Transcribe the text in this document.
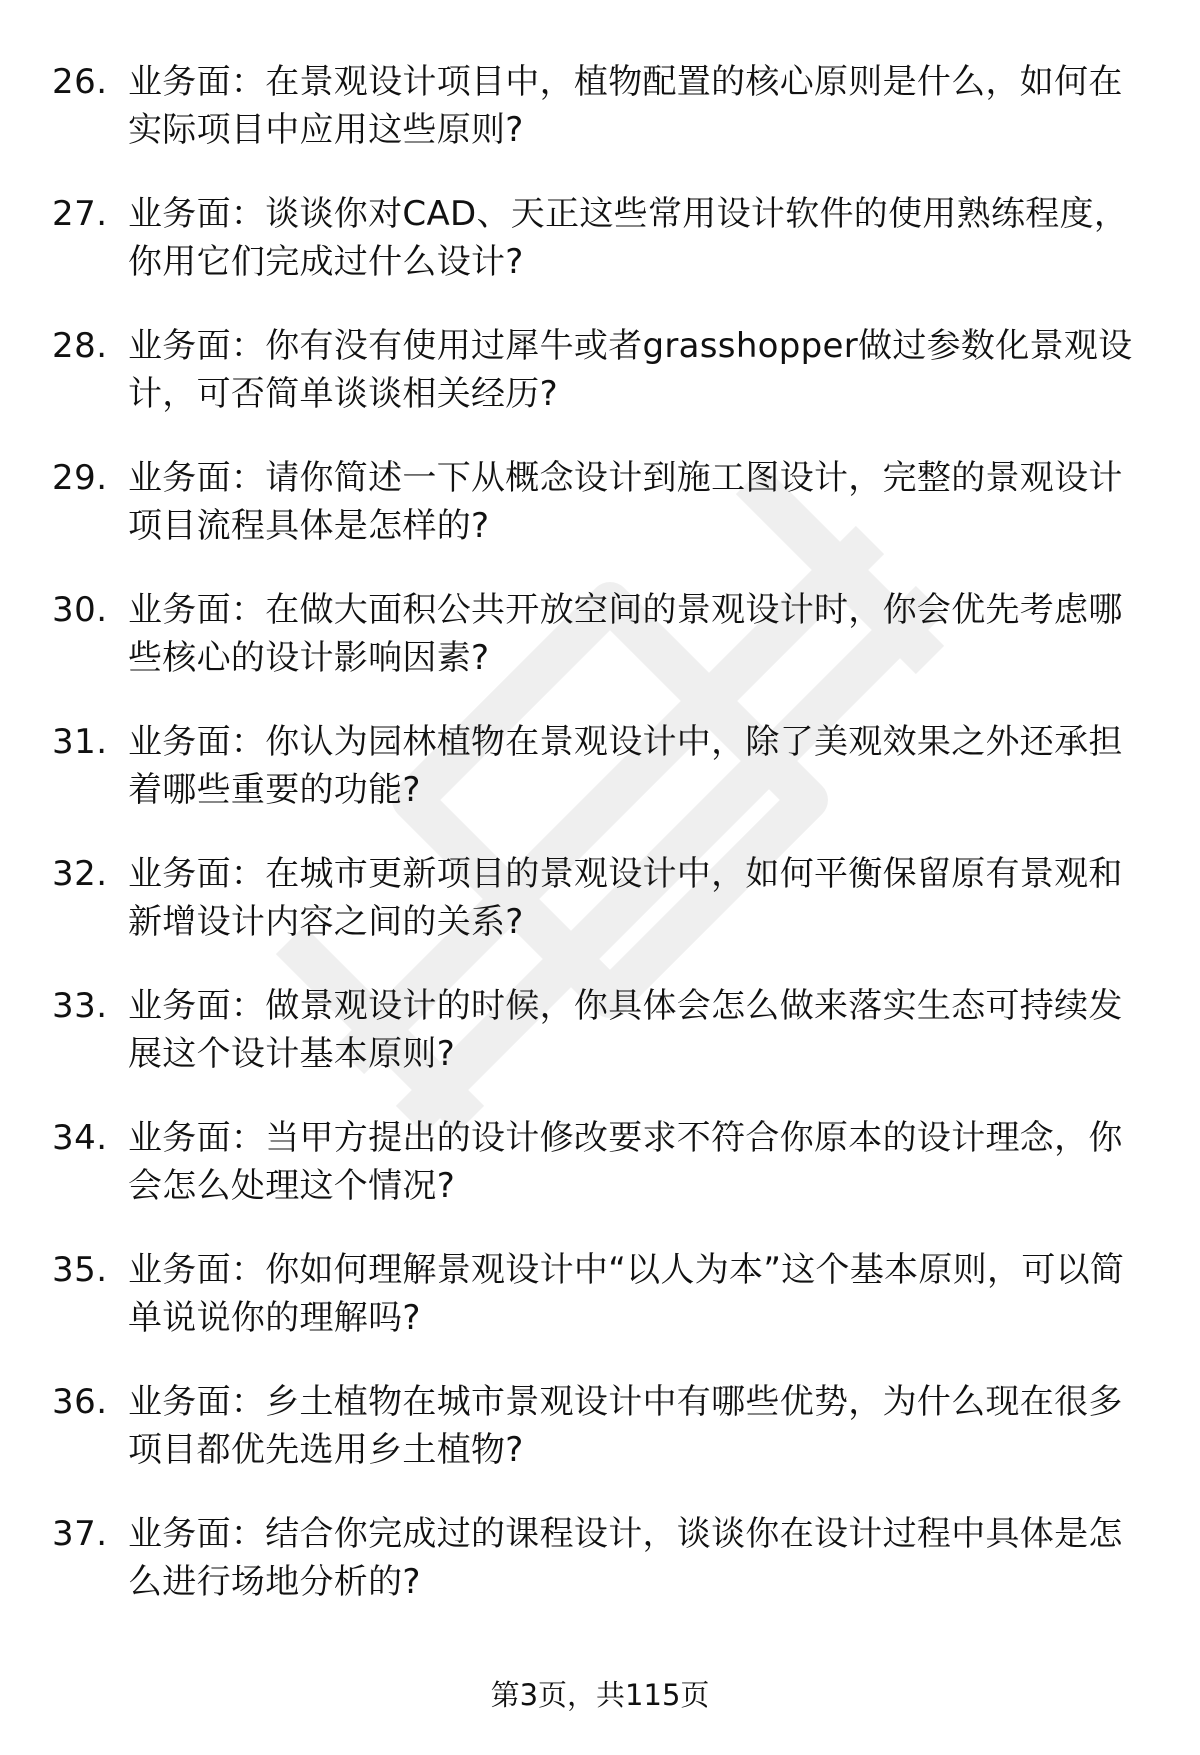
26. 业务面：在景观设计项目中，植物配置的核心原则是什么，如何在实际项目中应用这些原则?
27. 业务面：谈谈你对CAD、天正这些常用设计软件的使用熟练程度，你用它们完成过什么设计?
28. 业务面：你有没有使用过犀牛或者grasshopper做过参数化景观设计，可否简单谈谈相关经历?
29. 业务面：请你简述一下从概念设计到施工图设计，完整的景观设计项目流程具体是怎样的?
30. 业务面：在做大面积公共开放空间的景观设计时，你会优先考虑哪些核心的设计影响因素?
31. 业务面：你认为园林植物在景观设计中，除了美观效果之外还承担着哪些重要的功能?
32. 业务面：在城市更新项目的景观设计中，如何平衡保留原有景观和新增设计内容之间的关系?
33. 业务面：做景观设计的时候，你具体会怎么做来落实生态可持续发展这个设计基本原则?
34. 业务面：当甲方提出的设计修改要求不符合你原本的设计理念，你会怎么处理这个情况?
35. 业务面：你如何理解景观设计中“以人为本”这个基本原则，可以简单说说你的理解吗?
36. 业务面：乡土植物在城市景观设计中有哪些优势，为什么现在很多项目都优先选用乡土植物?
37. 业务面：结合你完成过的课程设计，谈谈你在设计过程中具体是怎么进行场地分析的?
第3页，共115页
